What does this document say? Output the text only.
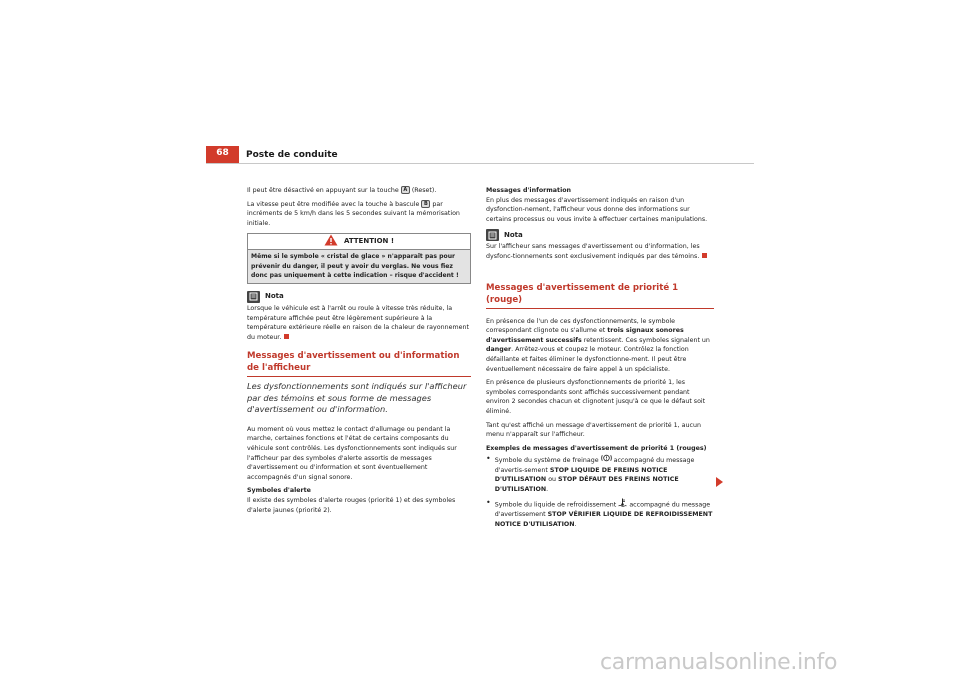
68	Poste de conduite

Il peut être désactivé en appuyant sur la touche A (Reset).

La vitesse peut être modifiée avec la touche à bascule B par incréments de 5 km/h dans les 5 secondes suivant la mémorisation initiale.

ATTENTION !
Même si le symbole « cristal de glace » n'apparaît pas pour prévenir du danger, il peut y avoir du verglas. Ne vous fiez donc pas uniquement à cette indication – risque d'accident !
Nota

Lorsque le véhicule est à l'arrêt ou roule à vitesse très réduite, la température affichée peut être légèrement supérieure à la température extérieure réelle en raison de la chaleur de rayonnement du moteur.

Messages d'avertissement ou d'information de l'afficheur
Les dysfonctionnements sont indiqués sur l'afficheur par des témoins et sous forme de messages d'avertissement ou d'information.

Au moment où vous mettez le contact d'allumage ou pendant la marche, certaines fonctions et l'état de certains composants du véhicule sont contrôlés. Les dysfonctionnements sont indiqués sur l'afficheur par des symboles d'alerte assortis de messages d'avertissement ou d'information et sont éventuellement accompagnés d'un signal sonore.

Symboles d'alerte

Il existe des symboles d'alerte rouges (priorité 1) et des symboles d'alerte jaunes (priorité 2).

Messages d'information

En plus des messages d'avertissement indiqués en raison d'un dysfonction-nement, l'afficheur vous donne des informations sur certains processus ou vous invite à effectuer certaines manipulations.

Nota

Sur l'afficheur sans messages d'avertissement ou d'information, les dysfonc-tionnements sont exclusivement indiqués par des témoins.

Messages d'avertissement de priorité 1 (rouge)

En présence de l'un de ces dysfonctionnements, le symbole correspondant clignote ou s'allume et trois signaux sonores d'avertissement successifs retentissent. Ces symboles signalent un danger. Arrêtez-vous et coupez le moteur. Contrôlez la fonction défaillante et faites éliminer le dysfonctionne-ment. Il peut être éventuellement nécessaire de faire appel à un spécialiste.

En présence de plusieurs dysfonctionnements de priorité 1, les symboles correspondants sont affichés successivement pendant environ 2 secondes chacun et clignotent jusqu'à ce que le défaut soit éliminé.

Tant qu'est affiché un message d'avertissement de priorité 1, aucun menu n'apparaît sur l'afficheur.

Exemples de messages d'avertissement de priorité 1 (rouges)

• Symbole du système de freinage accompagné du message d'avertis-sement STOP LIQUIDE DE FREINS NOTICE D'UTILISATION ou STOP DÉFAUT DES FREINS NOTICE D'UTILISATION.
• Symbole du liquide de refroidissement accompagné du message d'avertissement STOP VÉRIFIER LIQUIDE DE REFROIDISSEMENT NOTICE D'UTILISATION.
carmanualsonline.info
